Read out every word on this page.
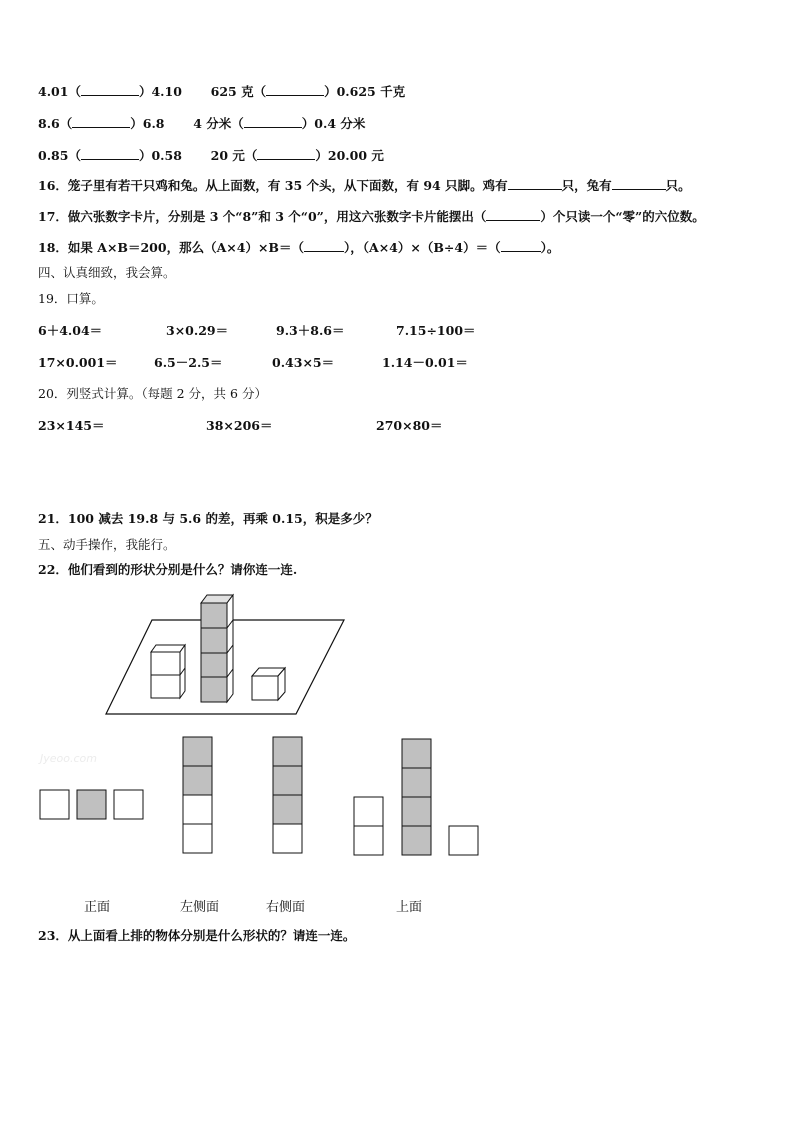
4.01（	）4.10 625 克（	）0.625 千克
8.6（	）6.8 4 分米（	）0.4 分米
0.85（	）0.58 20 元（	）20.00 元
16．笼子里有若干只鸡和兔。从上面数，有 35 个头，从下面数，有 94 只脚。鸡有	只，兔有	只。
17．做六张数字卡片，分别是 3 个“8”和 3 个“0”，用这六张数字卡片能摆出（	）个只读一个“零”的六位数。
18．如果 A×B＝200，那么（A×4）×B＝（	），（A×4）×（B÷4）＝（	）。
四、认真细致，我会算。
19．口算。
6＋4.04＝	3×0.29＝	9.3＋8.6＝	7.15÷100＝
17×0.001＝	6.5－2.5＝	0.43×5＝	1.14－0.01＝
20．列竖式计算。（每题 2 分，共 6 分）
23×145＝	38×206＝	270×80＝
21．100 减去 19.8 与 5.6 的差，再乘 0.15，积是多少？
五、动手操作，我能行。
22．他们看到的形状分别是什么？请你连一连.
Jyeoo.com
正面	左侧面	右侧面	上面
23．从上面看上排的物体分别是什么形状的？请连一连。
